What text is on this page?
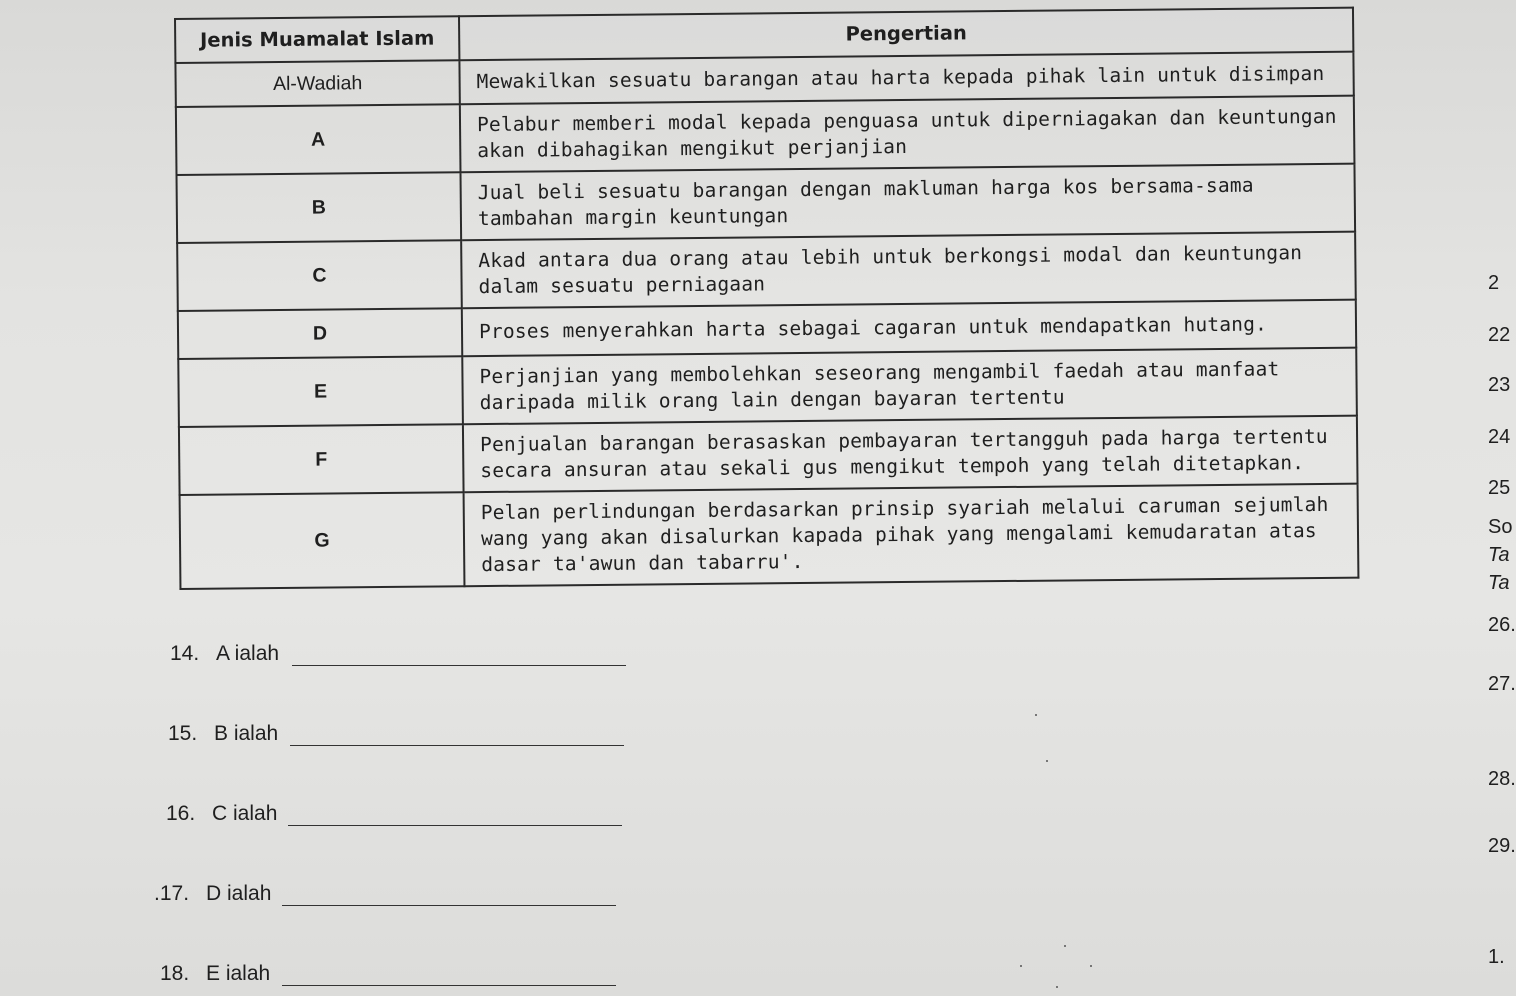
Jenis Muamalat Islam	Pengertian
Al-Wadiah	Mewakilkan sesuatu barangan atau harta kepada pihak lain untuk disimpan
A	Pelabur memberi modal kepada penguasa untuk diperniagakan dan keuntungan akan dibahagikan mengikut perjanjian
B	Jual beli sesuatu barangan dengan makluman harga kos bersama-sama tambahan margin keuntungan
C	Akad antara dua orang atau lebih untuk berkongsi modal dan keuntungan dalam sesuatu perniagaan
D	Proses menyerahkan harta sebagai cagaran untuk mendapatkan hutang.
E	Perjanjian yang membolehkan seseorang mengambil faedah atau manfaat daripada milik orang lain dengan bayaran tertentu
F	Penjualan barangan berasaskan pembayaran tertangguh pada harga tertentu secara ansuran atau sekali gus mengikut tempoh yang telah ditetapkan.
G	Pelan perlindungan berdasarkan prinsip syariah melalui caruman sejumlah wang yang akan disalurkan kapada pihak yang mengalami kemudaratan atas dasar ta'awun dan tabarru'.
14. A ialah
15. B ialah
16. C ialah
.17. D ialah
18. E ialah
2
22
23
24
25
So
Ta
Ta
26.
27.
28.
29.
1.
